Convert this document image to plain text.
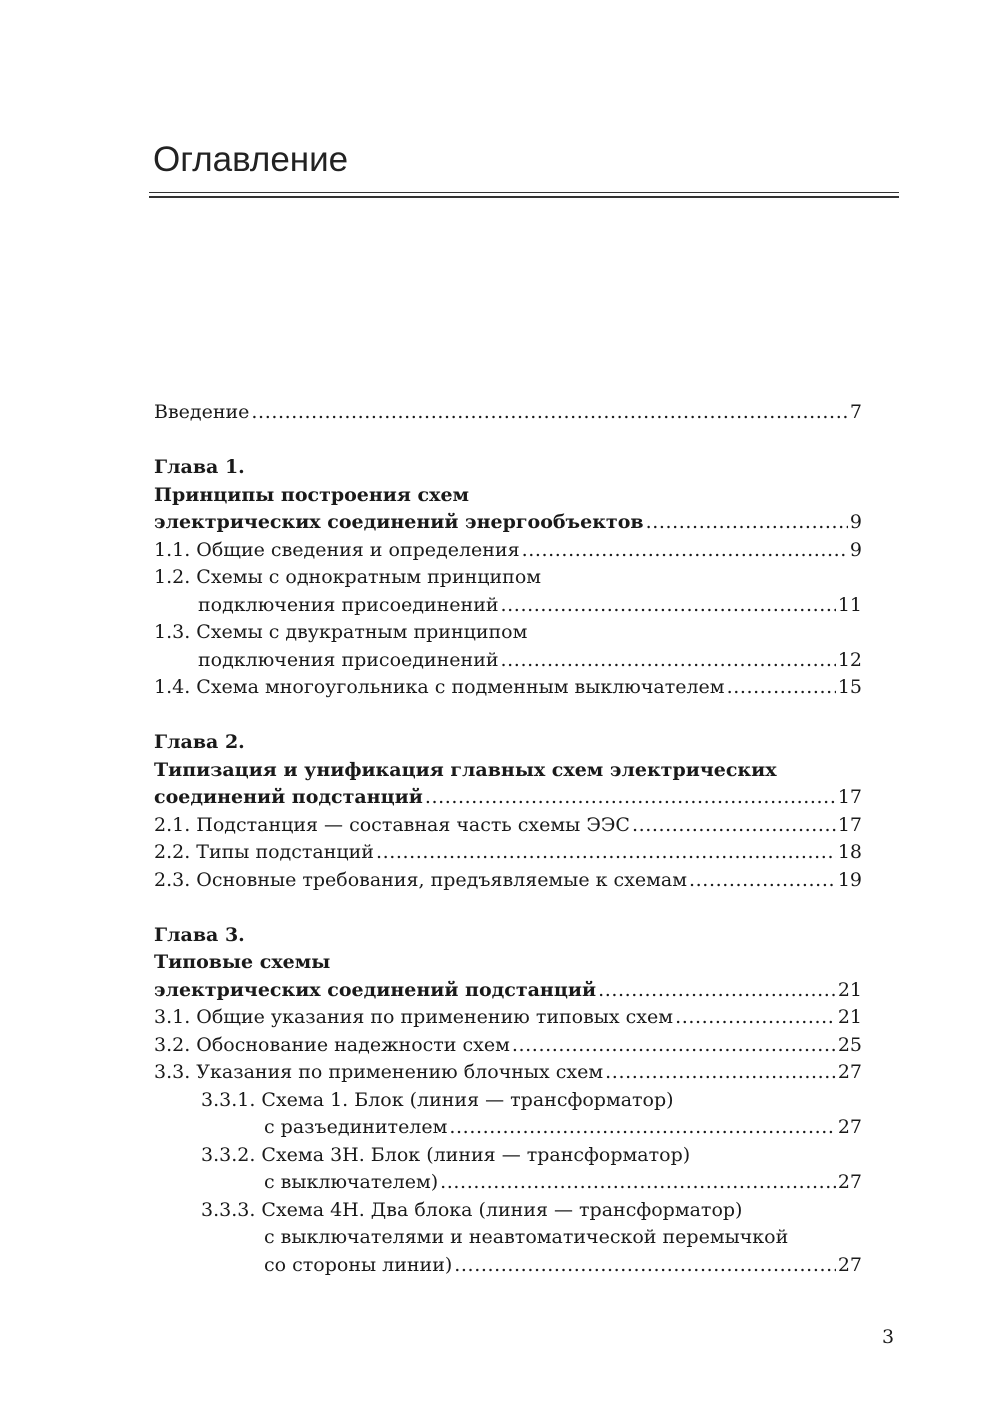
Оглавление
Введение .....	7
Глава 1.
Принципы построения схем
электрических соединений энергообъектов .....	9
1.1. Общие сведения и определения .....	9
1.2. Схемы с однократным принципом
подключения присоединений .....	11
1.3. Схемы с двукратным принципом
подключения присоединений .....	12
1.4. Схема многоугольника с подменным выключателем .....	15
Глава 2.
Типизация и унификация главных схем электрических
соединений подстанций .....	17
2.1. Подстанция — составная часть схемы ЭЭС .....	17
2.2. Типы подстанций .....	18
2.3. Основные требования, предъявляемые к схемам .....	19
Глава 3.
Типовые схемы
электрических соединений подстанций .....	21
3.1. Общие указания по применению типовых схем .....	21
3.2. Обоснование надежности схем .....	25
3.3. Указания по применению блочных схем .....	27
3.3.1. Схема 1. Блок (линия — трансформатор)
с разъединителем .....	27
3.3.2. Схема 3Н. Блок (линия — трансформатор)
с выключателем) .....	27
3.3.3. Схема 4Н. Два блока (линия — трансформатор)
с выключателями и неавтоматической перемычкой
со стороны линии) .....	27
3
